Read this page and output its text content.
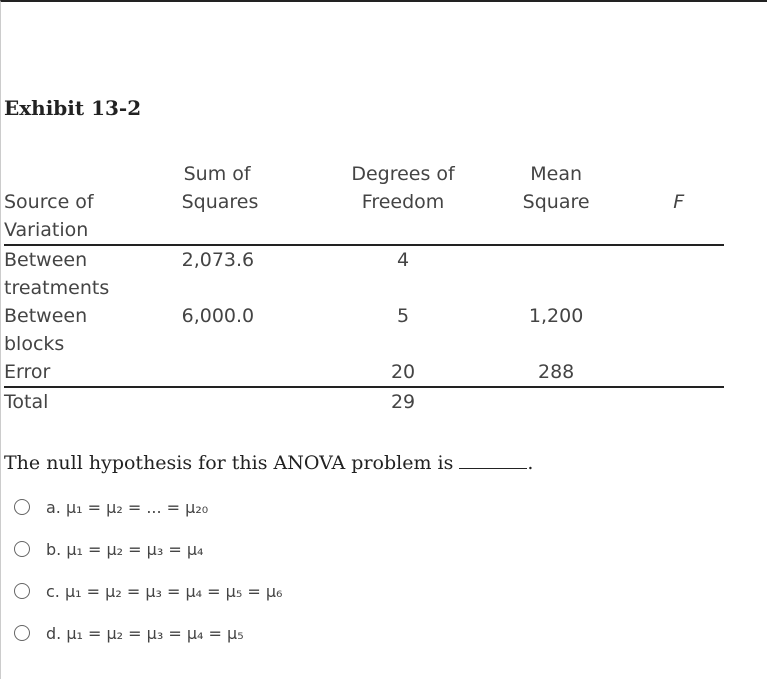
Exhibit 13-2
	Sum of	Degrees of	Mean	
Source of	Squares	Freedom	Square	F
Variation				

Between
treatments	2,073.6	4		

Between
blocks	6,000.0	5	1,200	
Error		20	288	
Total		29		
The null hypothesis for this ANOVA problem is	.
a. μ₁ = μ₂ = ... = μ₂₀
b. μ₁ = μ₂ = μ₃ = μ₄
c. μ₁ = μ₂ = μ₃ = μ₄ = μ₅ = μ₆
d. μ₁ = μ₂ = μ₃ = μ₄ = μ₅
